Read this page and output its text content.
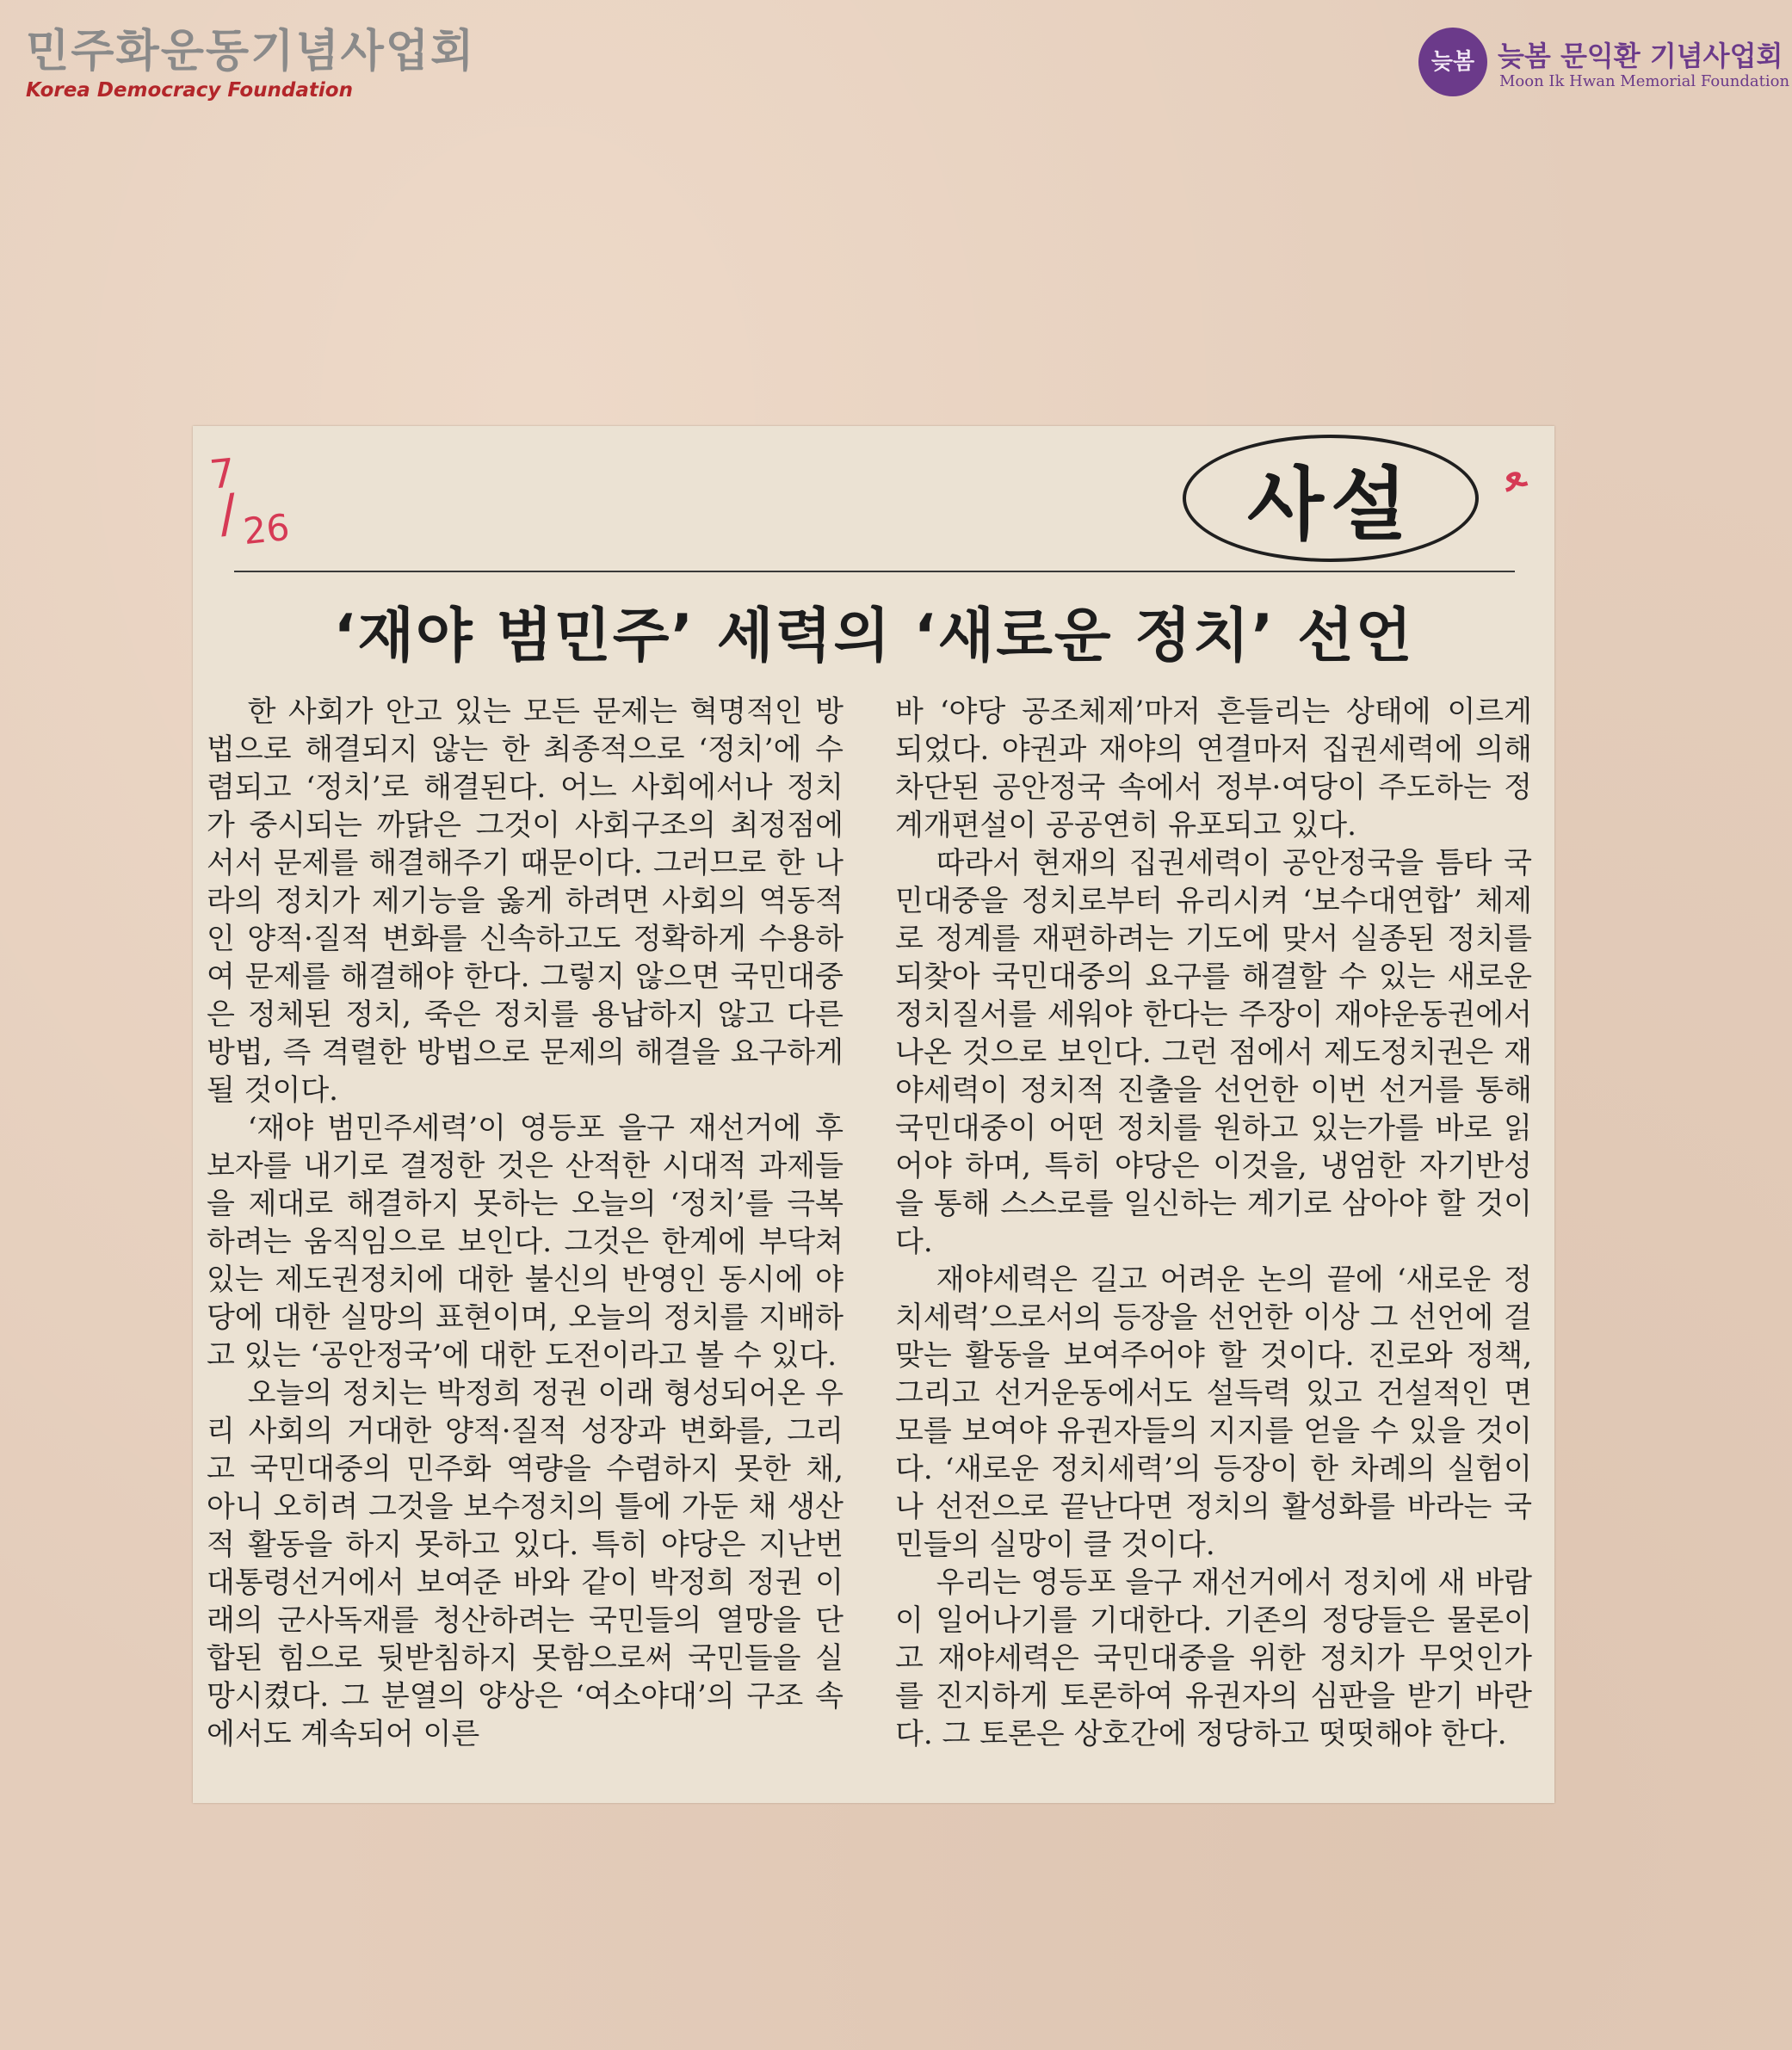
민주화운동기념사업회
Korea Democracy Foundation
늦봄 늦봄 문익환 기념사업회
Moon Ik Hwan Memorial Foundation
7
/ 26
ﻌ
사설
‘재야 범민주’ 세력의 ‘새로운 정치’ 선언

한 사회가 안고 있는 모든 문제는 혁명적인 방법으로 해결되지 않는 한 최종적으로 ‘정치’에 수렴되고 ‘정치’로 해결된다. 어느 사회에서나 정치가 중시되는 까닭은 그것이 사회구조의 최정점에 서서 문제를 해결해주기 때문이다. 그러므로 한 나라의 정치가 제기능을 옳게 하려면 사회의 역동적인 양적·질적 변화를 신속하고도 정확하게 수용하여 문제를 해결해야 한다. 그렇지 않으면 국민대중은 정체된 정치, 죽은 정치를 용납하지 않고 다른 방법, 즉 격렬한 방법으로 문제의 해결을 요구하게 될 것이다.

‘재야 범민주세력’이 영등포 을구 재선거에 후보자를 내기로 결정한 것은 산적한 시대적 과제들을 제대로 해결하지 못하는 오늘의 ‘정치’를 극복하려는 움직임으로 보인다. 그것은 한계에 부닥쳐 있는 제도권정치에 대한 불신의 반영인 동시에 야당에 대한 실망의 표현이며, 오늘의 정치를 지배하고 있는 ‘공안정국’에 대한 도전이라고 볼 수 있다.

오늘의 정치는 박정희 정권 이래 형성되어온 우리 사회의 거대한 양적·질적 성장과 변화를, 그리고 국민대중의 민주화 역량을 수렴하지 못한 채, 아니 오히려 그것을 보수정치의 틀에 가둔 채 생산적 활동을 하지 못하고 있다. 특히 야당은 지난번 대통령선거에서 보여준 바와 같이 박정희 정권 이래의 군사독재를 청산하려는 국민들의 열망을 단합된 힘으로 뒷받침하지 못함으로써 국민들을 실망시켰다. 그 분열의 양상은 ‘여소야대’의 구조 속에서도 계속되어 이른

바 ‘야당 공조체제’마저 흔들리는 상태에 이르게 되었다. 야권과 재야의 연결마저 집권세력에 의해 차단된 공안정국 속에서 정부·여당이 주도하는 정계개편설이 공공연히 유포되고 있다.

따라서 현재의 집권세력이 공안정국을 틈타 국민대중을 정치로부터 유리시켜 ‘보수대연합’ 체제로 정계를 재편하려는 기도에 맞서 실종된 정치를 되찾아 국민대중의 요구를 해결할 수 있는 새로운 정치질서를 세워야 한다는 주장이 재야운동권에서 나온 것으로 보인다. 그런 점에서 제도정치권은 재야세력이 정치적 진출을 선언한 이번 선거를 통해 국민대중이 어떤 정치를 원하고 있는가를 바로 읽어야 하며, 특히 야당은 이것을, 냉엄한 자기반성을 통해 스스로를 일신하는 계기로 삼아야 할 것이다.

재야세력은 길고 어려운 논의 끝에 ‘새로운 정치세력’으로서의 등장을 선언한 이상 그 선언에 걸맞는 활동을 보여주어야 할 것이다. 진로와 정책, 그리고 선거운동에서도 설득력 있고 건설적인 면모를 보여야 유권자들의 지지를 얻을 수 있을 것이다. ‘새로운 정치세력’의 등장이 한 차례의 실험이나 선전으로 끝난다면 정치의 활성화를 바라는 국민들의 실망이 클 것이다.

우리는 영등포 을구 재선거에서 정치에 새 바람이 일어나기를 기대한다. 기존의 정당들은 물론이고 재야세력은 국민대중을 위한 정치가 무엇인가를 진지하게 토론하여 유권자의 심판을 받기 바란다. 그 토론은 상호간에 정당하고 떳떳해야 한다.
